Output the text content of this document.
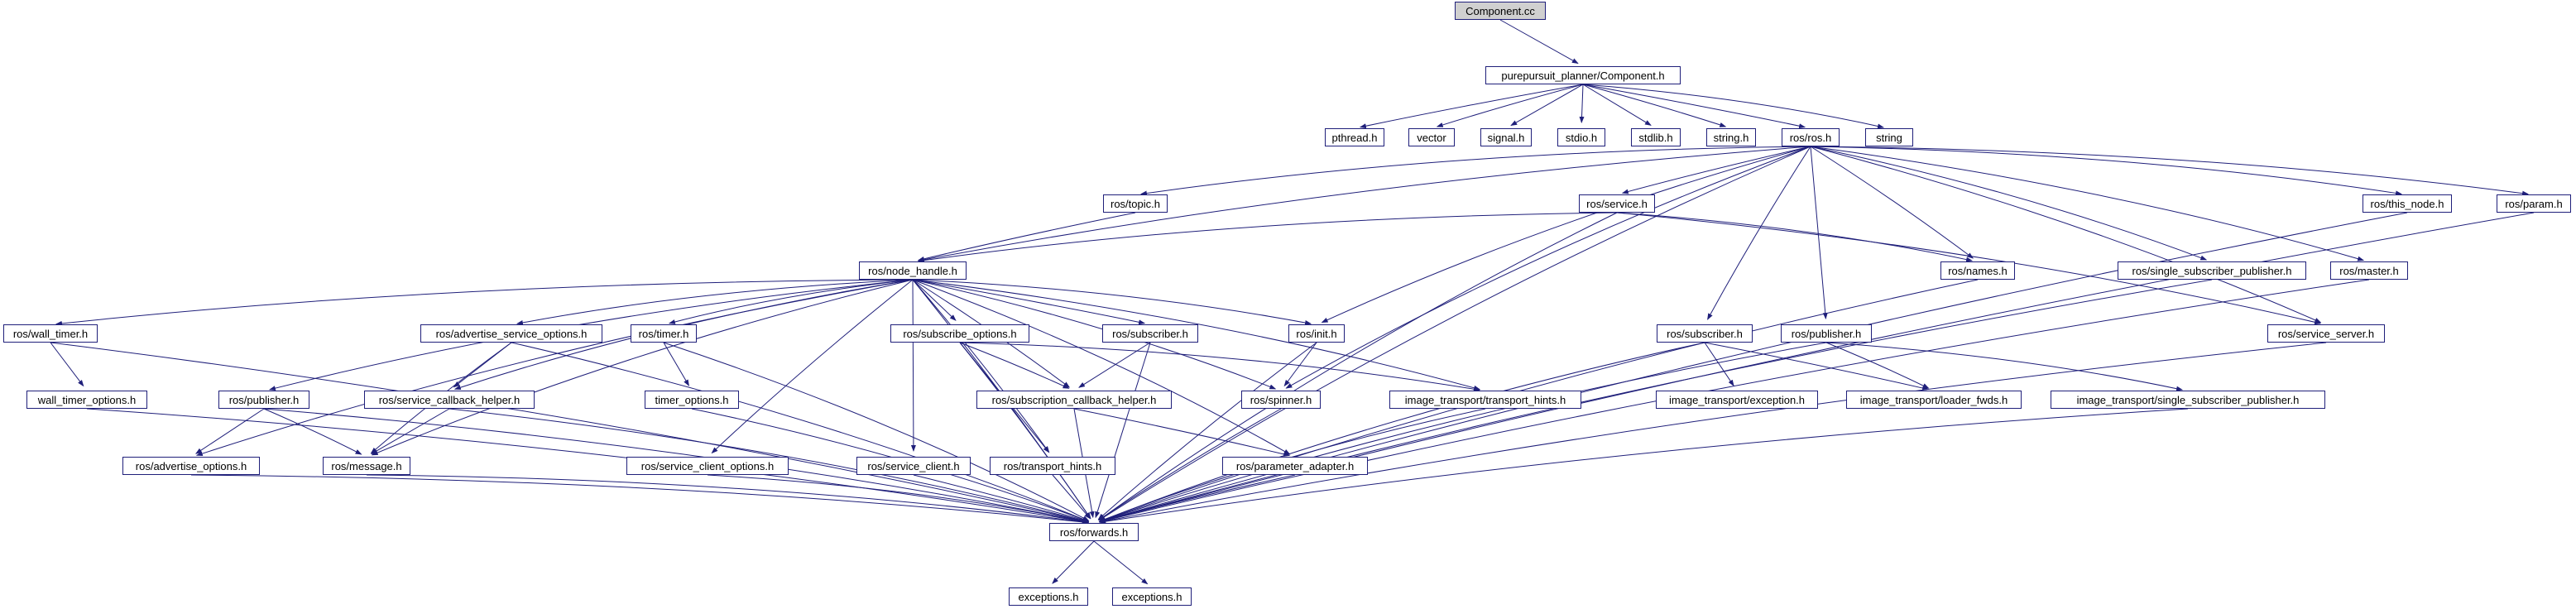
Component.cc
purepursuit_planner/Component.h
pthread.h	vector	signal.h	stdio.h	stdlib.h	string.h	ros/ros.h	string
ros/topic.h	ros/service.h	ros/this_node.h	ros/param.h
ros/node_handle.h	ros/names.h	ros/single_subscriber_publisher.h	ros/master.h
ros/wall_timer.h	ros/advertise_service_options.h	ros/timer.h	ros/subscribe_options.h	ros/subscriber.h	ros/init.h	ros/subscriber.h	ros/publisher.h	ros/service_server.h
wall_timer_options.h	ros/publisher.h	ros/service_callback_helper.h	timer_options.h	ros/subscription_callback_helper.h	ros/spinner.h	image_transport/transport_hints.h	image_transport/exception.h	image_transport/loader_fwds.h	image_transport/single_subscriber_publisher.h
ros/advertise_options.h	ros/message.h	ros/service_client_options.h	ros/service_client.h	ros/transport_hints.h	ros/parameter_adapter.h
ros/forwards.h
exceptions.h	exceptions.h
